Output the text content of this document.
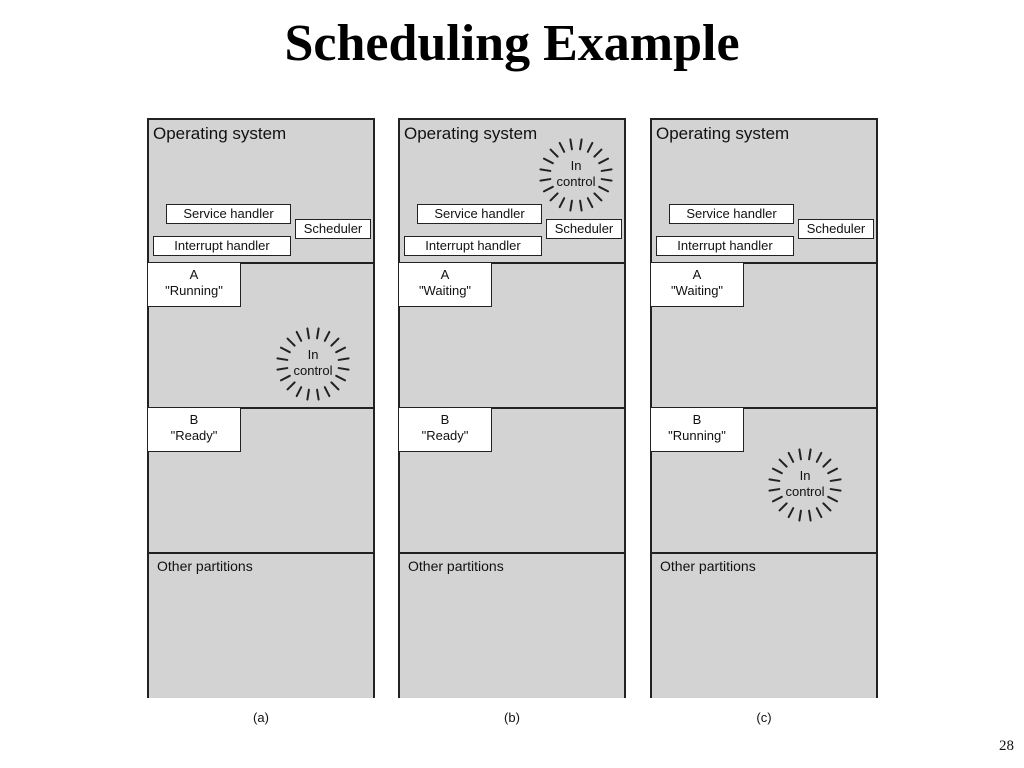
Scheduling Example
Operating system
Service handler
Interrupt handler
Scheduler
A
"Running"
In
control
B
"Ready"
Other partitions
Operating system
Service handler
Interrupt handler
Scheduler
In
control
A
"Waiting"
B
"Ready"
Other partitions
Operating system
Service handler
Interrupt handler
Scheduler
A
"Waiting"
B
"Running"
In
control
Other partitions
(a)	(b)	(c)
28
